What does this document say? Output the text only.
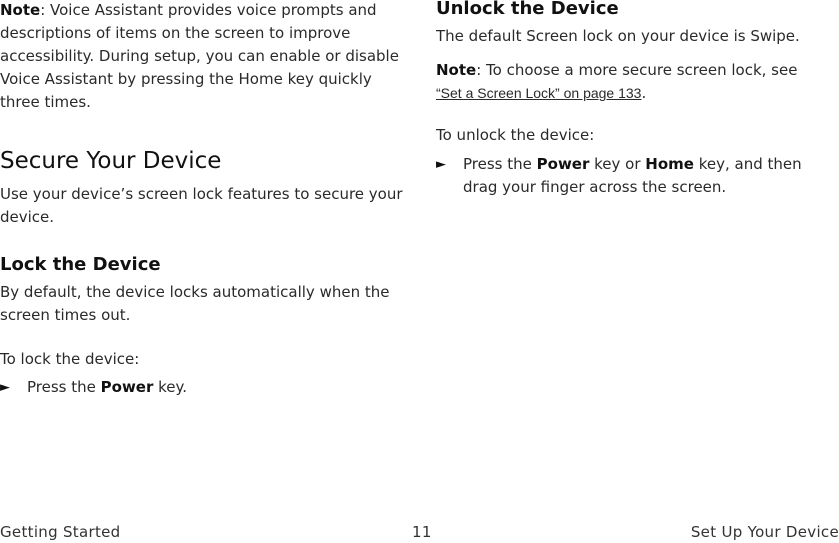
Note: Voice Assistant provides voice prompts and descriptions of items on the screen to improve accessibility. During setup, you can enable or disable Voice Assistant by pressing the Home key quickly three times.

Secure Your Device

Use your device’s screen lock features to secure your device.

Lock the Device

By default, the device locks automatically when the screen times out.

To lock the device:

►	Press the Power key.
Unlock the Device

The default Screen lock on your device is Swipe.

Note: To choose a more secure screen lock, see
“Set a Screen Lock” on page 133.

To unlock the device:

►	Press the Power key or Home key, and then drag your finger across the screen.
Getting Started	11	Set Up Your Device
